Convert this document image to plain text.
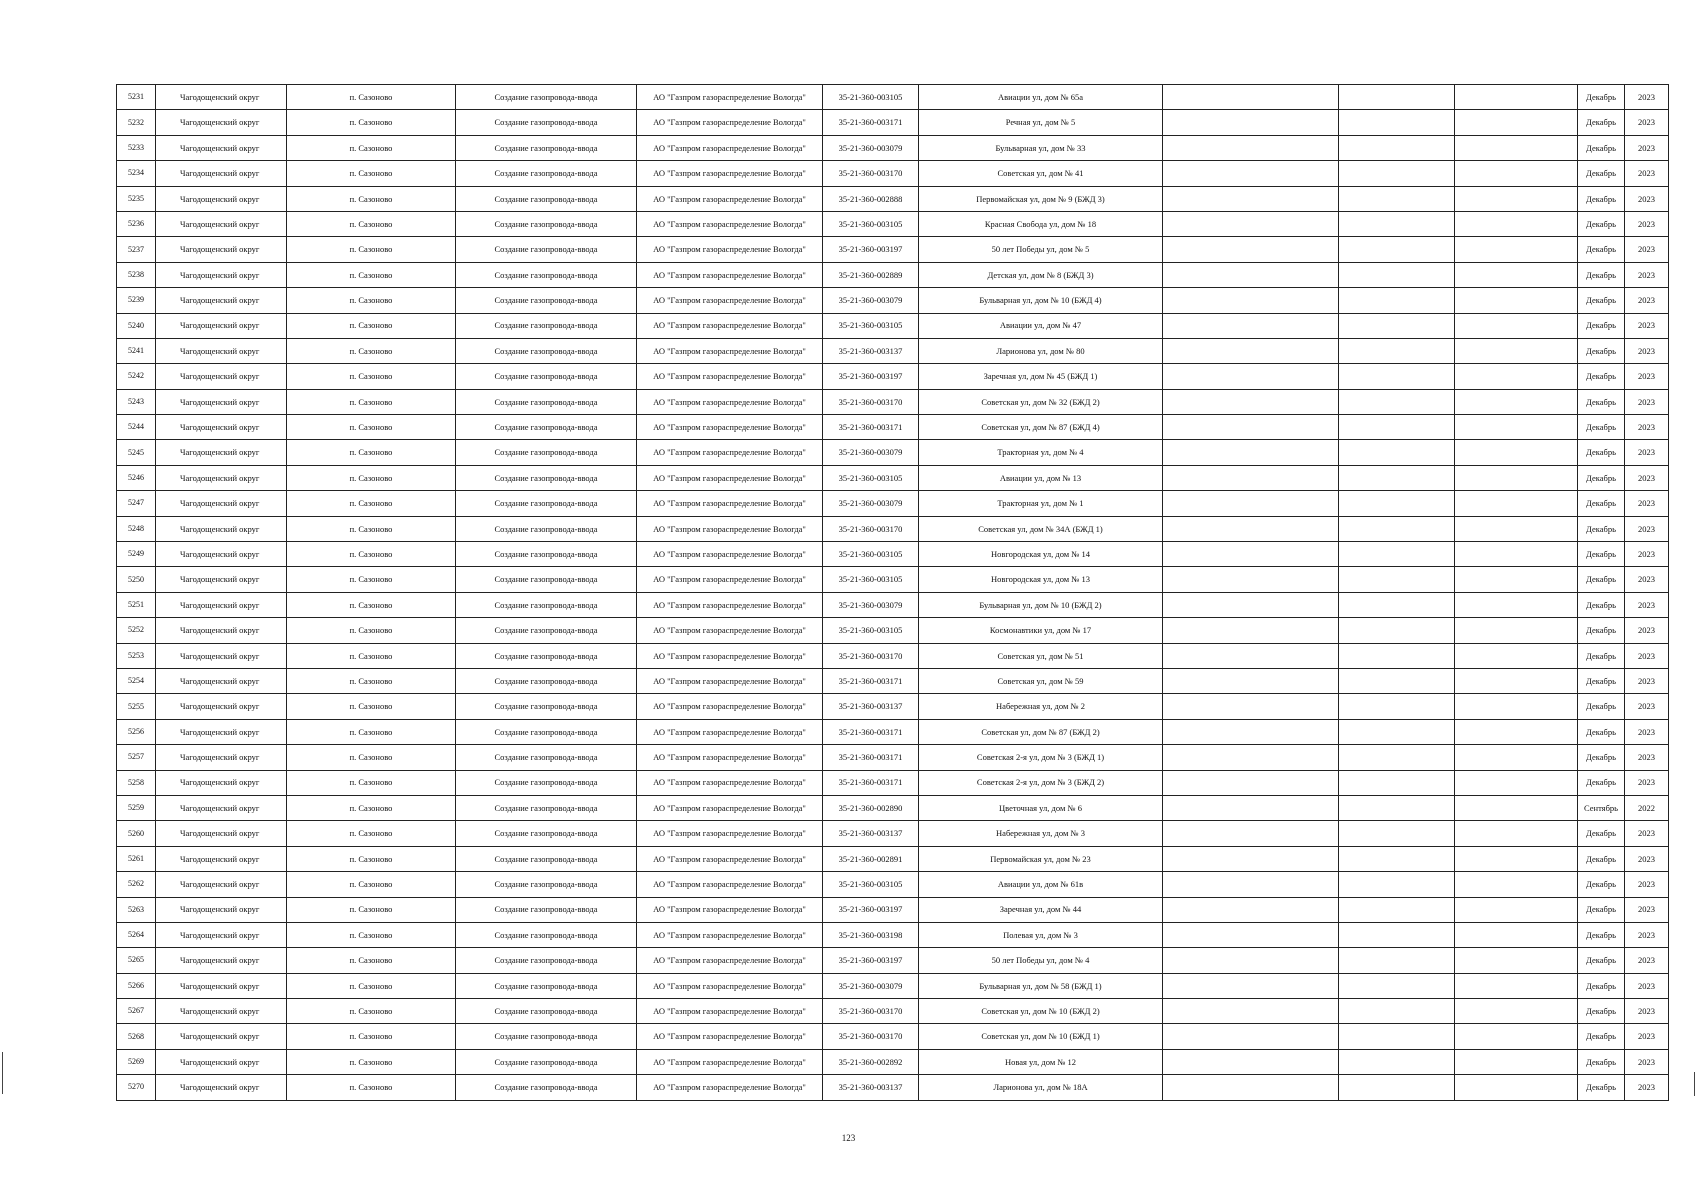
5231	Чагодощенский округ	п. Сазоново	Создание газопровода-ввода	АО "Газпром газораспределение Вологда"	35-21-360-003105	Авиации ул, дом № 65а				Декабрь	2023
5232	Чагодощенский округ	п. Сазоново	Создание газопровода-ввода	АО "Газпром газораспределение Вологда"	35-21-360-003171	Речная ул, дом № 5				Декабрь	2023
5233	Чагодощенский округ	п. Сазоново	Создание газопровода-ввода	АО "Газпром газораспределение Вологда"	35-21-360-003079	Бульварная ул, дом № 33				Декабрь	2023
5234	Чагодощенский округ	п. Сазоново	Создание газопровода-ввода	АО "Газпром газораспределение Вологда"	35-21-360-003170	Советская ул, дом № 41				Декабрь	2023
5235	Чагодощенский округ	п. Сазоново	Создание газопровода-ввода	АО "Газпром газораспределение Вологда"	35-21-360-002888	Первомайская ул, дом № 9 (БЖД 3)				Декабрь	2023
5236	Чагодощенский округ	п. Сазоново	Создание газопровода-ввода	АО "Газпром газораспределение Вологда"	35-21-360-003105	Красная Свобода ул, дом № 18				Декабрь	2023
5237	Чагодощенский округ	п. Сазоново	Создание газопровода-ввода	АО "Газпром газораспределение Вологда"	35-21-360-003197	50 лет Победы ул, дом № 5				Декабрь	2023
5238	Чагодощенский округ	п. Сазоново	Создание газопровода-ввода	АО "Газпром газораспределение Вологда"	35-21-360-002889	Детская ул, дом № 8 (БЖД 3)				Декабрь	2023
5239	Чагодощенский округ	п. Сазоново	Создание газопровода-ввода	АО "Газпром газораспределение Вологда"	35-21-360-003079	Бульварная ул, дом № 10 (БЖД 4)				Декабрь	2023
5240	Чагодощенский округ	п. Сазоново	Создание газопровода-ввода	АО "Газпром газораспределение Вологда"	35-21-360-003105	Авиации ул, дом № 47				Декабрь	2023
5241	Чагодощенский округ	п. Сазоново	Создание газопровода-ввода	АО "Газпром газораспределение Вологда"	35-21-360-003137	Ларионова ул, дом № 80				Декабрь	2023
5242	Чагодощенский округ	п. Сазоново	Создание газопровода-ввода	АО "Газпром газораспределение Вологда"	35-21-360-003197	Заречная ул, дом № 45 (БЖД 1)				Декабрь	2023
5243	Чагодощенский округ	п. Сазоново	Создание газопровода-ввода	АО "Газпром газораспределение Вологда"	35-21-360-003170	Советская ул, дом № 32 (БЖД 2)				Декабрь	2023
5244	Чагодощенский округ	п. Сазоново	Создание газопровода-ввода	АО "Газпром газораспределение Вологда"	35-21-360-003171	Советская ул, дом № 87 (БЖД 4)				Декабрь	2023
5245	Чагодощенский округ	п. Сазоново	Создание газопровода-ввода	АО "Газпром газораспределение Вологда"	35-21-360-003079	Тракторная ул, дом № 4				Декабрь	2023
5246	Чагодощенский округ	п. Сазоново	Создание газопровода-ввода	АО "Газпром газораспределение Вологда"	35-21-360-003105	Авиации ул, дом № 13				Декабрь	2023
5247	Чагодощенский округ	п. Сазоново	Создание газопровода-ввода	АО "Газпром газораспределение Вологда"	35-21-360-003079	Тракторная ул, дом № 1				Декабрь	2023
5248	Чагодощенский округ	п. Сазоново	Создание газопровода-ввода	АО "Газпром газораспределение Вологда"	35-21-360-003170	Советская ул, дом № 34А (БЖД 1)				Декабрь	2023
5249	Чагодощенский округ	п. Сазоново	Создание газопровода-ввода	АО "Газпром газораспределение Вологда"	35-21-360-003105	Новгородская ул, дом № 14				Декабрь	2023
5250	Чагодощенский округ	п. Сазоново	Создание газопровода-ввода	АО "Газпром газораспределение Вологда"	35-21-360-003105	Новгородская ул, дом № 13				Декабрь	2023
5251	Чагодощенский округ	п. Сазоново	Создание газопровода-ввода	АО "Газпром газораспределение Вологда"	35-21-360-003079	Бульварная ул, дом № 10 (БЖД 2)				Декабрь	2023
5252	Чагодощенский округ	п. Сазоново	Создание газопровода-ввода	АО "Газпром газораспределение Вологда"	35-21-360-003105	Космонавтики ул, дом № 17				Декабрь	2023
5253	Чагодощенский округ	п. Сазоново	Создание газопровода-ввода	АО "Газпром газораспределение Вологда"	35-21-360-003170	Советская ул, дом № 51				Декабрь	2023
5254	Чагодощенский округ	п. Сазоново	Создание газопровода-ввода	АО "Газпром газораспределение Вологда"	35-21-360-003171	Советская ул, дом № 59				Декабрь	2023
5255	Чагодощенский округ	п. Сазоново	Создание газопровода-ввода	АО "Газпром газораспределение Вологда"	35-21-360-003137	Набережная ул, дом № 2				Декабрь	2023
5256	Чагодощенский округ	п. Сазоново	Создание газопровода-ввода	АО "Газпром газораспределение Вологда"	35-21-360-003171	Советская ул, дом № 87 (БЖД 2)				Декабрь	2023
5257	Чагодощенский округ	п. Сазоново	Создание газопровода-ввода	АО "Газпром газораспределение Вологда"	35-21-360-003171	Советская 2-я ул, дом № 3 (БЖД 1)				Декабрь	2023
5258	Чагодощенский округ	п. Сазоново	Создание газопровода-ввода	АО "Газпром газораспределение Вологда"	35-21-360-003171	Советская 2-я ул, дом № 3 (БЖД 2)				Декабрь	2023
5259	Чагодощенский округ	п. Сазоново	Создание газопровода-ввода	АО "Газпром газораспределение Вологда"	35-21-360-002890	Цветочная ул, дом № 6				Сентябрь	2022
5260	Чагодощенский округ	п. Сазоново	Создание газопровода-ввода	АО "Газпром газораспределение Вологда"	35-21-360-003137	Набережная ул, дом № 3				Декабрь	2023
5261	Чагодощенский округ	п. Сазоново	Создание газопровода-ввода	АО "Газпром газораспределение Вологда"	35-21-360-002891	Первомайская ул, дом № 23				Декабрь	2023
5262	Чагодощенский округ	п. Сазоново	Создание газопровода-ввода	АО "Газпром газораспределение Вологда"	35-21-360-003105	Авиации ул, дом № 61в				Декабрь	2023
5263	Чагодощенский округ	п. Сазоново	Создание газопровода-ввода	АО "Газпром газораспределение Вологда"	35-21-360-003197	Заречная ул, дом № 44				Декабрь	2023
5264	Чагодощенский округ	п. Сазоново	Создание газопровода-ввода	АО "Газпром газораспределение Вологда"	35-21-360-003198	Полевая ул, дом № 3				Декабрь	2023
5265	Чагодощенский округ	п. Сазоново	Создание газопровода-ввода	АО "Газпром газораспределение Вологда"	35-21-360-003197	50 лет Победы ул, дом № 4				Декабрь	2023
5266	Чагодощенский округ	п. Сазоново	Создание газопровода-ввода	АО "Газпром газораспределение Вологда"	35-21-360-003079	Бульварная ул, дом № 58 (БЖД 1)				Декабрь	2023
5267	Чагодощенский округ	п. Сазоново	Создание газопровода-ввода	АО "Газпром газораспределение Вологда"	35-21-360-003170	Советская ул, дом № 10 (БЖД 2)				Декабрь	2023
5268	Чагодощенский округ	п. Сазоново	Создание газопровода-ввода	АО "Газпром газораспределение Вологда"	35-21-360-003170	Советская ул, дом № 10 (БЖД 1)				Декабрь	2023
5269	Чагодощенский округ	п. Сазоново	Создание газопровода-ввода	АО "Газпром газораспределение Вологда"	35-21-360-002892	Новая ул, дом № 12				Декабрь	2023
5270	Чагодощенский округ	п. Сазоново	Создание газопровода-ввода	АО "Газпром газораспределение Вологда"	35-21-360-003137	Ларионова ул, дом № 18А				Декабрь	2023
123
